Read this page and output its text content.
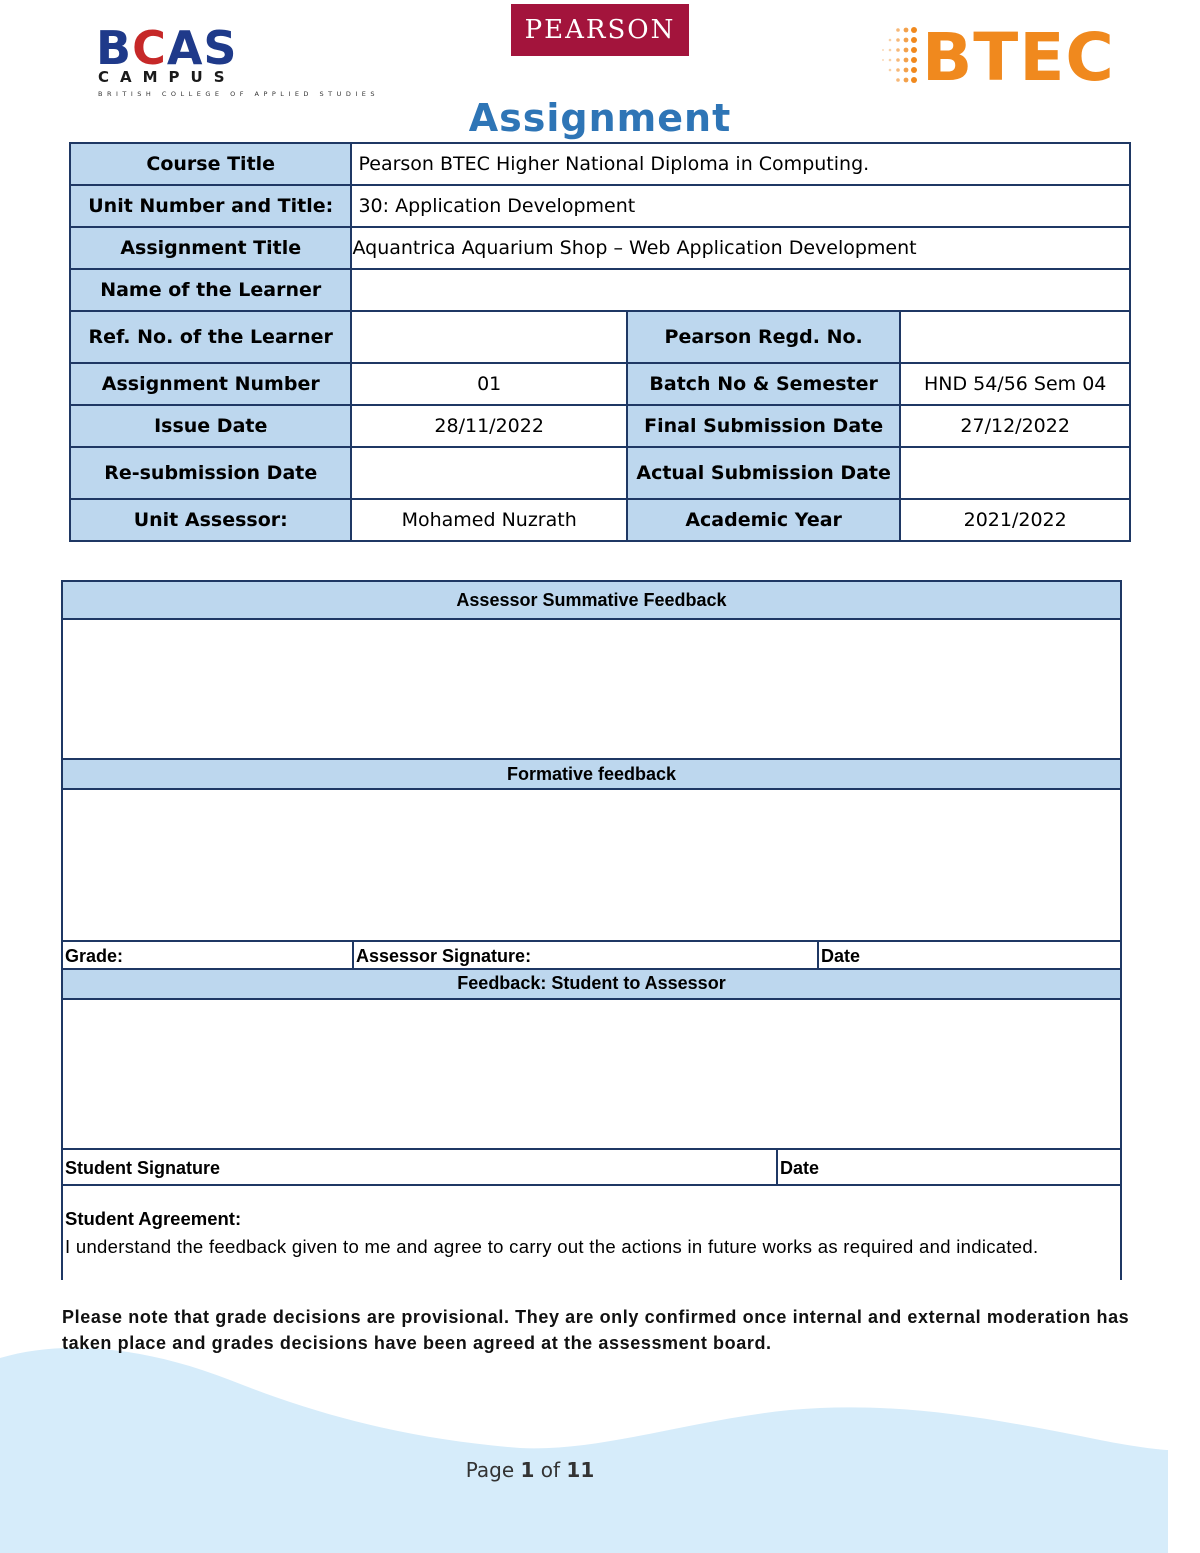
BCAS
CAMPUS
BRITISH COLLEGE OF APPLIED STUDIES
PEARSON	BTEC
Assignment
Course Title	Pearson BTEC Higher National Diploma in Computing.		
Unit Number and Title:	30: Application Development		
Assignment Title	Aquantrica Aquarium Shop – Web Application Development		
Name of the Learner			
Ref. No. of the Learner		Pearson Regd. No.	
Assignment Number	01	Batch No & Semester	HND 54/56 Sem 04
Issue Date	28/11/2022	Final Submission Date	27/12/2022
Re-submission Date		Actual Submission Date	
Unit Assessor:	Mohamed Nuzrath	Academic Year	2021/2022
Assessor Summative Feedback
Formative feedback
Grade:	Assessor Signature:	Date
Feedback: Student to Assessor
Student Signature	Date
Student Agreement:
I understand the feedback given to me and agree to carry out the actions in future works as required and indicated.
Please note that grade decisions are provisional. They are only confirmed once internal and external moderation has taken place and grades decisions have been agreed at the assessment board.
Page 1 of 11
